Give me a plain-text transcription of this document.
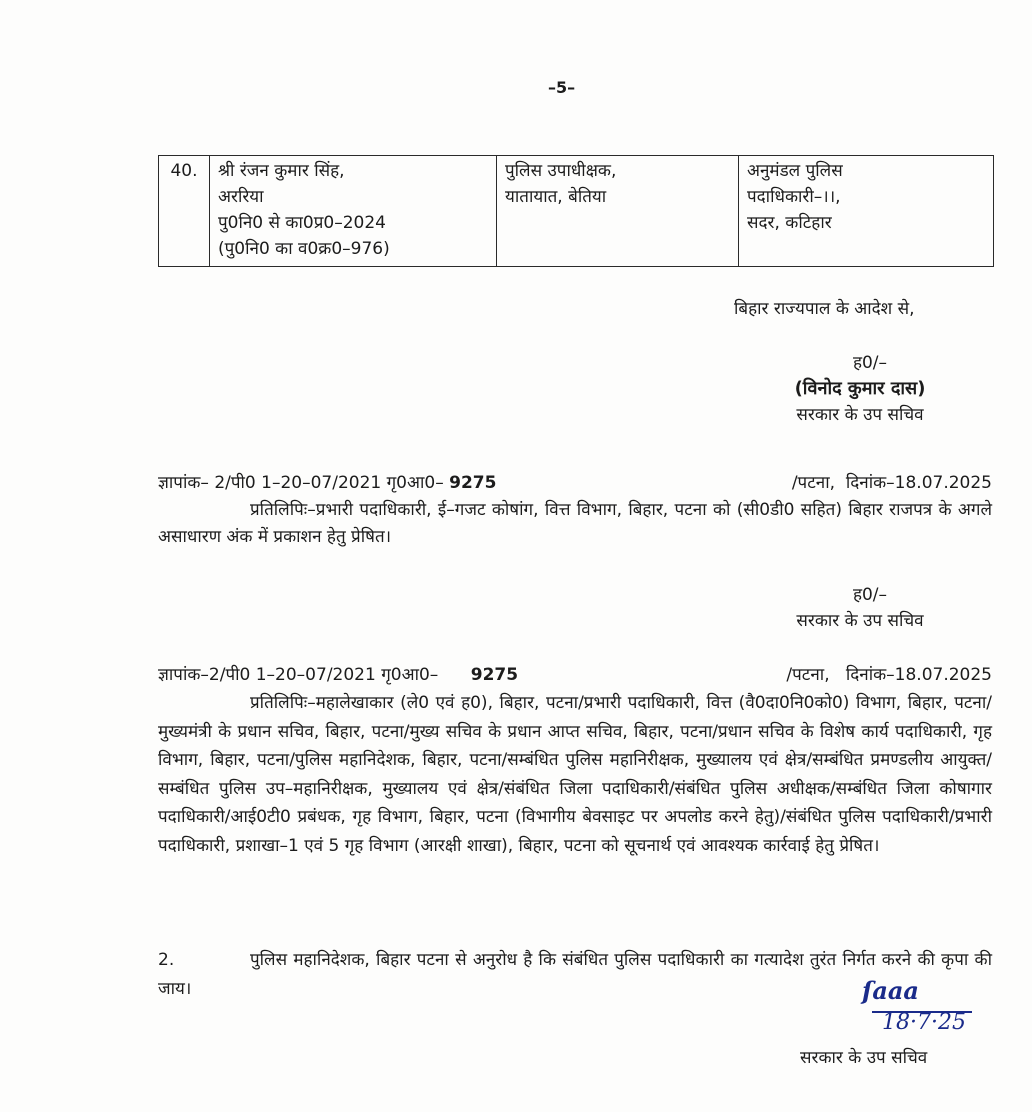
–5–
40.	श्री रंजन कुमार सिंह,
अररिया
पु0नि0 से का0प्र0–2024
(पु0नि0 का व0क्र0–976)

पुलिस उपाधीक्षक,
यातायात, बेतिया

अनुमंडल पुलिस
पदाधिकारी–।।,
सदर, कटिहार
बिहार राज्यपाल के आदेश से,
ह0/–
(विनोद कुमार दास)
सरकार के उप सचिव
ज्ञापांक– 2/पी0 1–20–07/2021 गृ0आ0– 9275	/पटना, दिनांक–18.07.2025
प्रतिलिपिः–प्रभारी पदाधिकारी, ई–गजट कोषांग, वित्त विभाग, बिहार, पटना को (सी0डी0 सहित) बिहार राजपत्र के अगले असाधारण अंक में प्रकाशन हेतु प्रेषित।
ह0/–
सरकार के उप सचिव
ज्ञापांक–2/पी0 1–20–07/2021 गृ0आ0– 9275	/पटना, दिनांक–18.07.2025
प्रतिलिपिः–महालेखाकार (ले0 एवं ह0), बिहार, पटना/प्रभारी पदाधिकारी, वित्त (वै0दा0नि0को0) विभाग, बिहार, पटना/मुख्यमंत्री के प्रधान सचिव, बिहार, पटना/मुख्य सचिव के प्रधान आप्त सचिव, बिहार, पटना/प्रधान सचिव के विशेष कार्य पदाधिकारी, गृह विभाग, बिहार, पटना/पुलिस महानिदेशक, बिहार, पटना/सम्बंधित पुलिस महानिरीक्षक, मुख्यालय एवं क्षेत्र/सम्बंधित प्रमण्डलीय आयुक्त/सम्बंधित पुलिस उप–महानिरीक्षक, मुख्यालय एवं क्षेत्र/संबंधित जिला पदाधिकारी/संबंधित पुलिस अधीक्षक/सम्बंधित जिला कोषागार पदाधिकारी/आई0टी0 प्रबंधक, गृह विभाग, बिहार, पटना (विभागीय बेवसाइट पर अपलोड करने हेतु)/संबंधित पुलिस पदाधिकारी/प्रभारी पदाधिकारी, प्रशाखा–1 एवं 5 गृह विभाग (आरक्षी शाखा), बिहार, पटना को सूचनार्थ एवं आवश्यक कार्रवाई हेतु प्रेषित।
2.	पुलिस महानिदेशक, बिहार पटना से अनुरोध है कि संबंधित पुलिस पदाधिकारी का गत्यादेश तुरंत निर्गत करने की कृपा की जाय।	ſaaa
18·7·25
सरकार के उप सचिव
